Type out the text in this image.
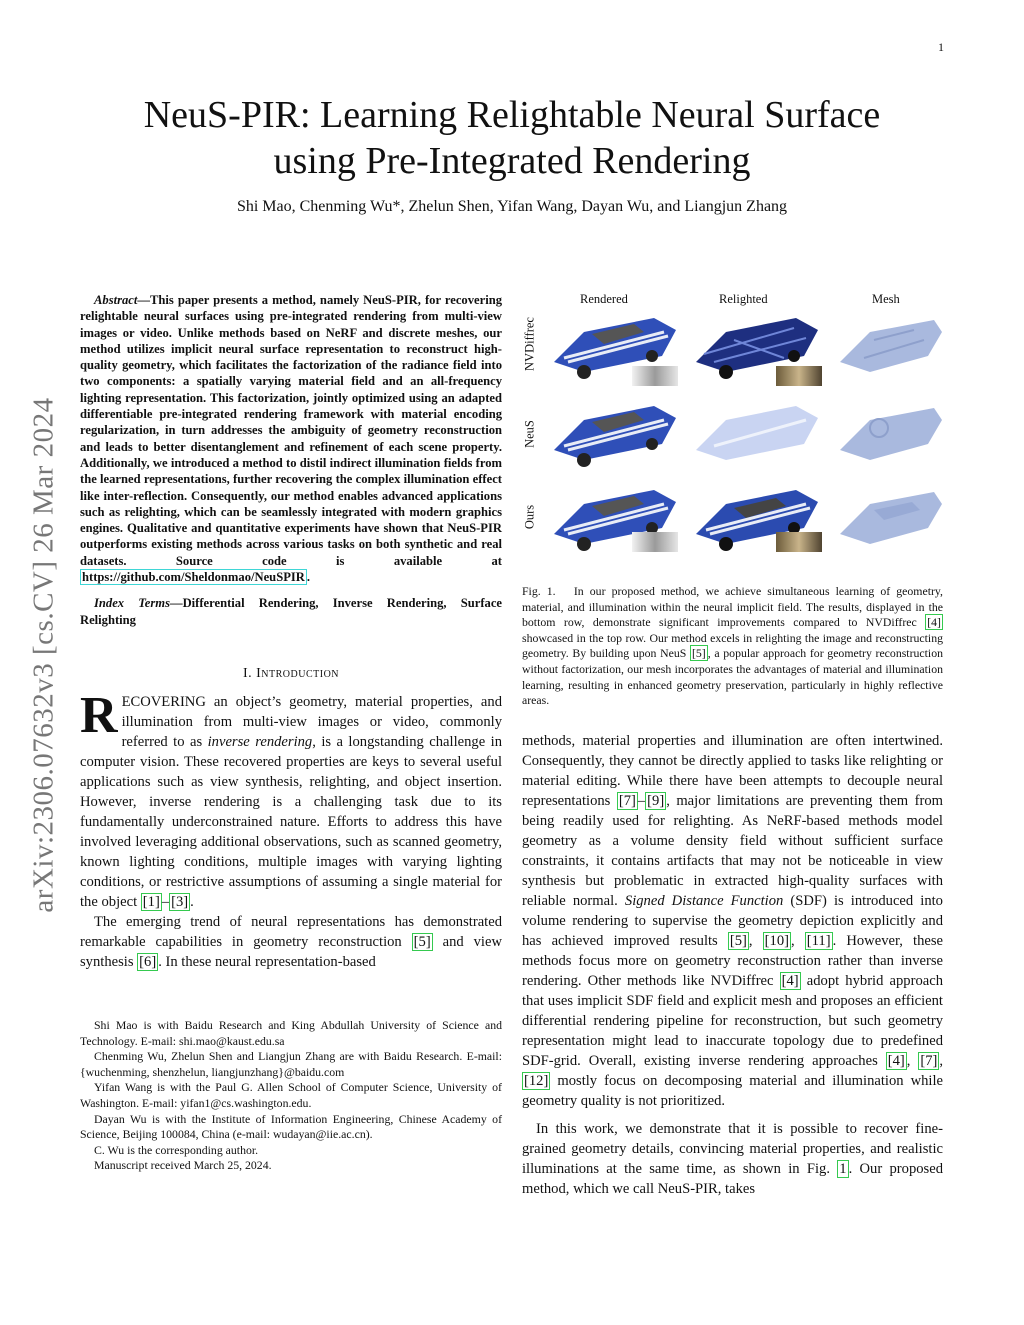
1
NeuS-PIR: Learning Relightable Neural Surface
using Pre-Integrated Rendering
Shi Mao, Chenming Wu*, Zhelun Shen, Yifan Wang, Dayan Wu, and Liangjun Zhang
arXiv:2306.07632v3 [cs.CV] 26 Mar 2024
Abstract—This paper presents a method, namely NeuS-PIR, for recovering relightable neural surfaces using pre-integrated rendering from multi-view images or video. Unlike methods based on NeRF and discrete meshes, our method utilizes implicit neural surface representation to reconstruct high-quality geometry, which facilitates the factorization of the radiance field into two components: a spatially varying material field and an all-frequency lighting representation. This factorization, jointly optimized using an adapted differentiable pre-integrated rendering framework with material encoding regularization, in turn addresses the ambiguity of geometry reconstruction and leads to better disentanglement and refinement of each scene property. Additionally, we introduced a method to distil indirect illumination fields from the learned representations, further recovering the complex illumination effect like inter-reflection. Consequently, our method enables advanced applications such as relighting, which can be seamlessly integrated with modern graphics engines. Qualitative and quantitative experiments have shown that NeuS-PIR outperforms existing methods across various tasks on both synthetic and real datasets. Source code is available at https://github.com/Sheldonmao/NeuSPIR .
Index Terms—Differential Rendering, Inverse Rendering, Surface Relighting
I. Introduction

RECOVERING an object’s geometry, material properties, and illumination from multi-view images or video, commonly referred to as inverse rendering, is a longstanding challenge in computer vision. These recovered properties are keys to several useful applications such as view synthesis, relighting, and object insertion. However, inverse rendering is a challenging task due to its fundamentally underconstrained nature. Efforts to address this have involved leveraging additional observations, such as scanned geometry, known lighting conditions, multiple images with varying lighting conditions, or restrictive assumptions of assuming a single material for the object [1] – [3] .

The emerging trend of neural representations has demonstrated remarkable capabilities in geometry reconstruction [5] and view synthesis [6] . In these neural representation-based

Shi Mao is with Baidu Research and King Abdullah University of Science and Technology. E-mail: shi.mao@kaust.edu.sa

Chenming Wu, Zhelun Shen and Liangjun Zhang are with Baidu Research. E-mail: {wuchenming, shenzhelun, liangjunzhang}@baidu.com

Yifan Wang is with the Paul G. Allen School of Computer Science, University of Washington. E-mail: yifan1@cs.washington.edu.

Dayan Wu is with the Institute of Information Engineering, Chinese Academy of Science, Beijing 100084, China (e-mail: wudayan@iie.ac.cn).

C. Wu is the corresponding author.

Manuscript received March 25, 2024.

Rendered	Relighted	Mesh
NVDiffrec
NeuS
Ours
Fig. 1. In our proposed method, we achieve simultaneous learning of geometry, material, and illumination within the neural implicit field. The results, displayed in the bottom row, demonstrate significant improvements compared to NVDiffrec [4] showcased in the top row. Our method excels in relighting the image and reconstructing geometry. By building upon NeuS [5] , a popular approach for geometry reconstruction without factorization, our mesh incorporates the advantages of material and illumination learning, resulting in enhanced geometry preservation, particularly in highly reflective areas.

methods, material properties and illumination are often intertwined. Consequently, they cannot be directly applied to tasks like relighting or material editing. While there have been attempts to decouple neural representations [7] – [9] , major limitations are preventing them from being readily used for relighting. As NeRF-based methods model geometry as a volume density field without sufficient surface constraints, it contains artifacts that may not be noticeable in view synthesis but problematic in extracted high-quality surfaces with reliable normal. Signed Distance Function (SDF) is introduced into volume rendering to supervise the geometry depiction explicitly and has achieved improved results [5] , [10] , [11] . However, these methods focus more on geometry reconstruction rather than inverse rendering. Other methods like NVDiffrec [4] adopt hybrid approach that uses implicit SDF field and explicit mesh and proposes an efficient differential rendering pipeline for reconstruction, but such geometry representation might lead to inaccurate topology due to predefined SDF-grid. Overall, existing inverse rendering approaches [4] , [7] , [12] mostly focus on decomposing material and illumination while geometry quality is not prioritized.

In this work, we demonstrate that it is possible to recover fine-grained geometry details, convincing material properties, and realistic illuminations at the same time, as shown in Fig. 1 . Our proposed method, which we call NeuS-PIR, takes
